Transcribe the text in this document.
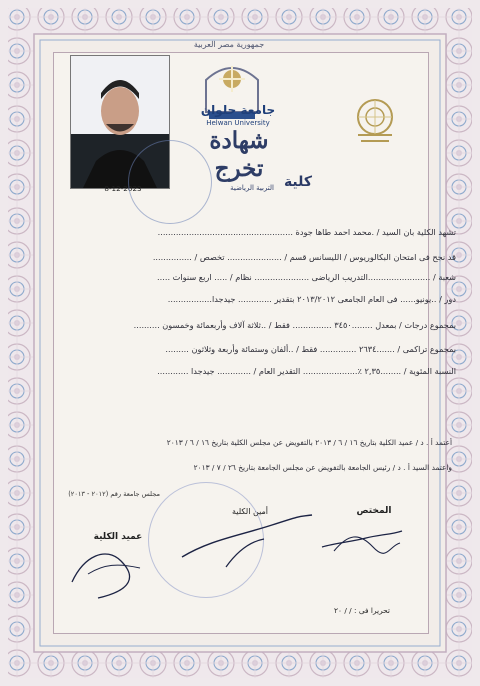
جمهورية مصر العربية
جامعة حلوان
Helwan University
شهادة تخرج
8-12-2023	كلية
التربية الرياضية
تشهد الكلية بان السيد / .محمد احمد طاها جودة ....................................................
قد نجح فى امتحان البكالوريوس / الليسانس قسم / ..................... تخصص / ...............
شعبة / ........................التدريب الرياضى ..................... نظام / ..... اربع سنوات .....
دور / ..يونيو...... فى العام الجامعى ٢٠١٣/٢٠١٢ بتقدير ............. جيدجدا.................
بمجموع درجات / بمعدل ........٣٤٥٠ ............... فقط / ..ثلاثة آلاف وأربعمائة وخمسون ..........
بمجموع تراكمى / .......٢٦٣٤ .............. فقط / ..ألفان وستمائة وأربعة وثلاثون .........
النسبة المئوية / ........٢,٣٥ ٪..................... التقدير العام / ............. جيدجدا ............
أعتمد أ . د / عميد الكلية بتاريخ ١٦ / ٦ / ٢٠١٣ بالتفويض عن مجلس الكلية بتاريخ ١٦ / ٦ / ٢٠١٣
واعتمد السيد أ . د / رئيس الجامعة بالتفويض عن مجلس الجامعة بتاريخ ٢٦ / ٧ / ٢٠١٣
مجلس جامعة رقم (٢٠١٢ - ٢٠١٣)
المختص
أمين الكلية
عميد الكلية
تحريرا فى : / / ٢٠
